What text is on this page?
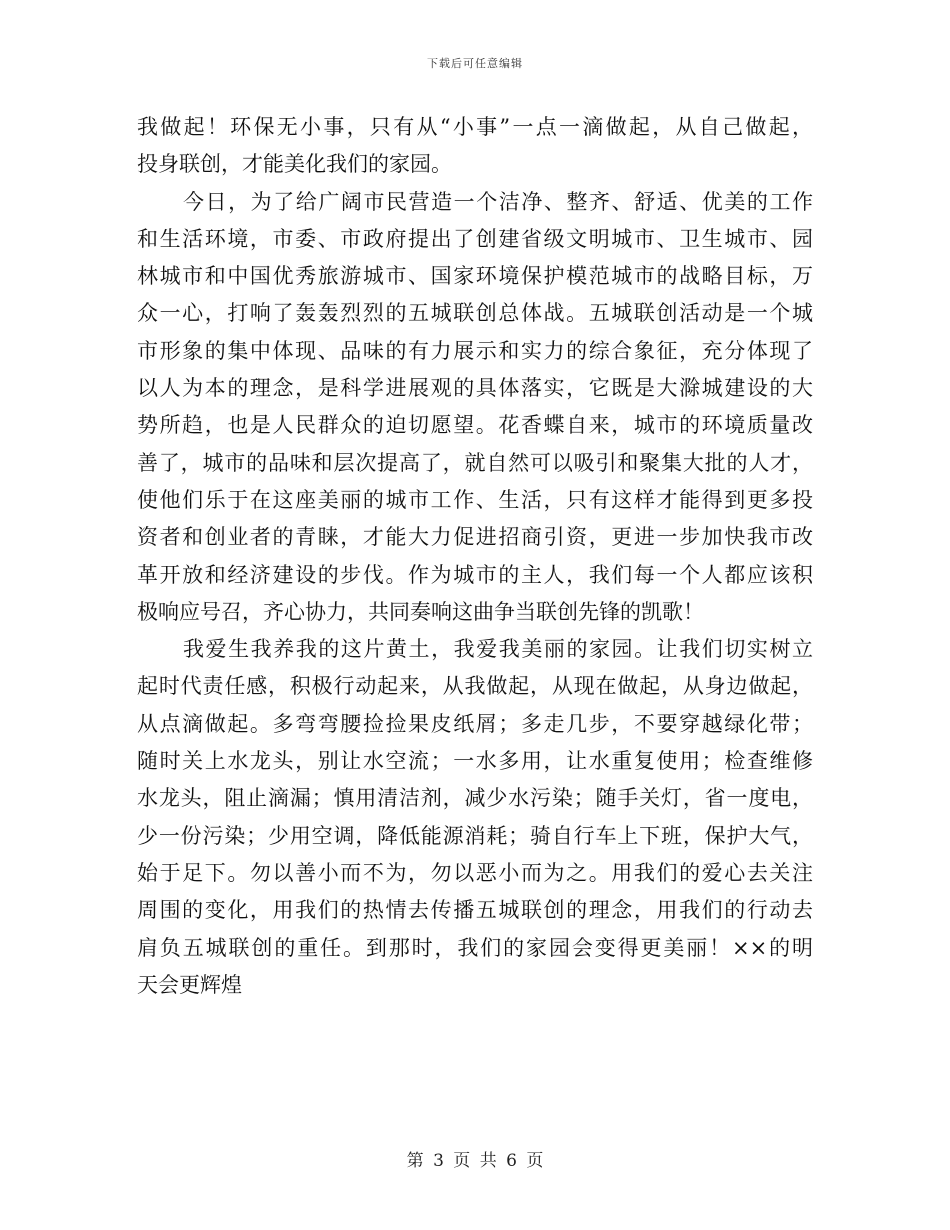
下载后可任意编辑
我做起！环保无小事，只有从“小事”一点一滴做起，从自己做起，
投身联创，才能美化我们的家园。
今日，为了给广阔市民营造一个洁净、整齐、舒适、优美的工作
和生活环境，市委、市政府提出了创建省级文明城市、卫生城市、园
林城市和中国优秀旅游城市、国家环境保护模范城市的战略目标，万
众一心，打响了轰轰烈烈的五城联创总体战。五城联创活动是一个城
市形象的集中体现、品味的有力展示和实力的综合象征，充分体现了
以人为本的理念，是科学进展观的具体落实，它既是大滁城建设的大
势所趋，也是人民群众的迫切愿望。花香蝶自来，城市的环境质量改
善了，城市的品味和层次提高了，就自然可以吸引和聚集大批的人才，
使他们乐于在这座美丽的城市工作、生活，只有这样才能得到更多投
资者和创业者的青睐，才能大力促进招商引资，更进一步加快我市改
革开放和经济建设的步伐。作为城市的主人，我们每一个人都应该积
极响应号召，齐心协力，共同奏响这曲争当联创先锋的凯歌！
我爱生我养我的这片黄土，我爱我美丽的家园。让我们切实树立
起时代责任感，积极行动起来，从我做起，从现在做起，从身边做起，
从点滴做起。多弯弯腰捡捡果皮纸屑；多走几步，不要穿越绿化带；
随时关上水龙头，别让水空流；一水多用，让水重复使用；检查维修
水龙头，阻止滴漏；慎用清洁剂，减少水污染；随手关灯，省一度电，
少一份污染；少用空调，降低能源消耗；骑自行车上下班，保护大气，
始于足下。勿以善小而不为，勿以恶小而为之。用我们的爱心去关注
周围的变化，用我们的热情去传播五城联创的理念，用我们的行动去
肩负五城联创的重任。到那时，我们的家园会变得更美丽！××的明
天会更辉煌
第 3 页 共 6 页
